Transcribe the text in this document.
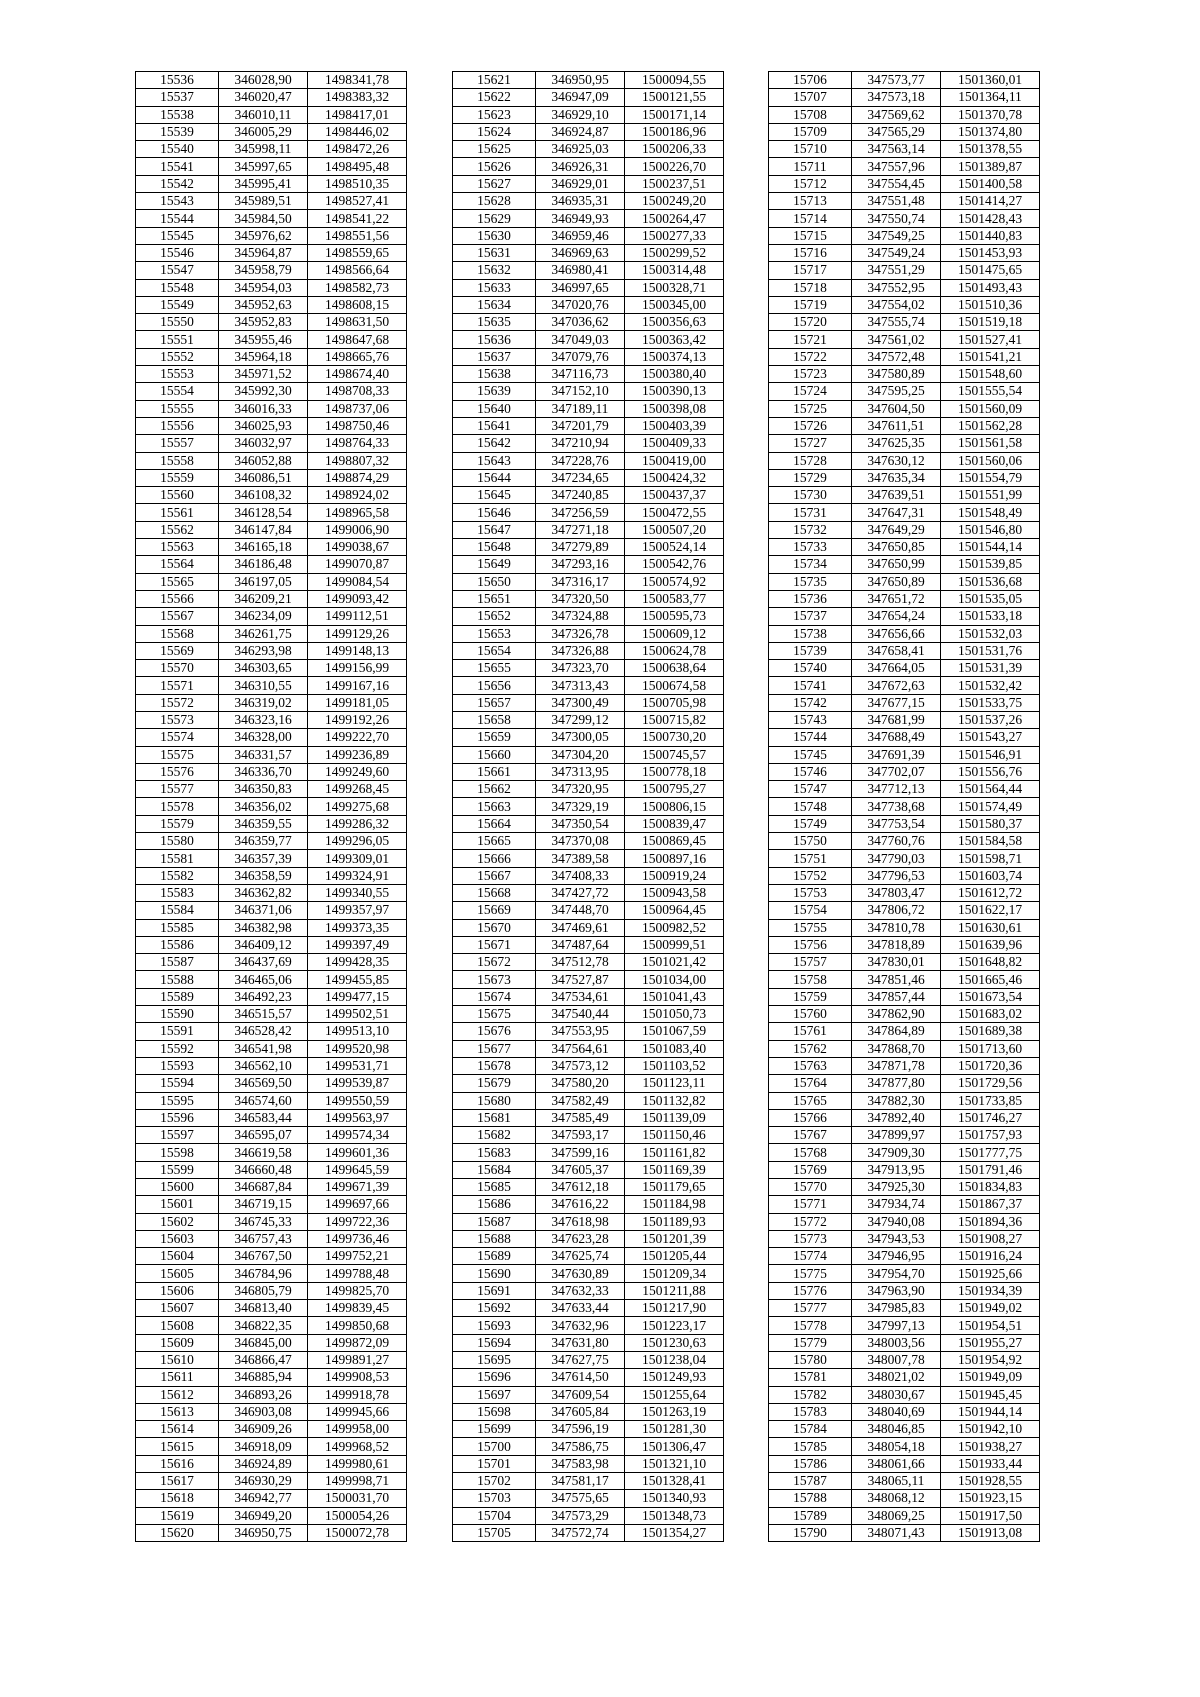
15536	346028,90	1498341,78
15537	346020,47	1498383,32
15538	346010,11	1498417,01
15539	346005,29	1498446,02
15540	345998,11	1498472,26
15541	345997,65	1498495,48
15542	345995,41	1498510,35
15543	345989,51	1498527,41
15544	345984,50	1498541,22
15545	345976,62	1498551,56
15546	345964,87	1498559,65
15547	345958,79	1498566,64
15548	345954,03	1498582,73
15549	345952,63	1498608,15
15550	345952,83	1498631,50
15551	345955,46	1498647,68
15552	345964,18	1498665,76
15553	345971,52	1498674,40
15554	345992,30	1498708,33
15555	346016,33	1498737,06
15556	346025,93	1498750,46
15557	346032,97	1498764,33
15558	346052,88	1498807,32
15559	346086,51	1498874,29
15560	346108,32	1498924,02
15561	346128,54	1498965,58
15562	346147,84	1499006,90
15563	346165,18	1499038,67
15564	346186,48	1499070,87
15565	346197,05	1499084,54
15566	346209,21	1499093,42
15567	346234,09	1499112,51
15568	346261,75	1499129,26
15569	346293,98	1499148,13
15570	346303,65	1499156,99
15571	346310,55	1499167,16
15572	346319,02	1499181,05
15573	346323,16	1499192,26
15574	346328,00	1499222,70
15575	346331,57	1499236,89
15576	346336,70	1499249,60
15577	346350,83	1499268,45
15578	346356,02	1499275,68
15579	346359,55	1499286,32
15580	346359,77	1499296,05
15581	346357,39	1499309,01
15582	346358,59	1499324,91
15583	346362,82	1499340,55
15584	346371,06	1499357,97
15585	346382,98	1499373,35
15586	346409,12	1499397,49
15587	346437,69	1499428,35
15588	346465,06	1499455,85
15589	346492,23	1499477,15
15590	346515,57	1499502,51
15591	346528,42	1499513,10
15592	346541,98	1499520,98
15593	346562,10	1499531,71
15594	346569,50	1499539,87
15595	346574,60	1499550,59
15596	346583,44	1499563,97
15597	346595,07	1499574,34
15598	346619,58	1499601,36
15599	346660,48	1499645,59
15600	346687,84	1499671,39
15601	346719,15	1499697,66
15602	346745,33	1499722,36
15603	346757,43	1499736,46
15604	346767,50	1499752,21
15605	346784,96	1499788,48
15606	346805,79	1499825,70
15607	346813,40	1499839,45
15608	346822,35	1499850,68
15609	346845,00	1499872,09
15610	346866,47	1499891,27
15611	346885,94	1499908,53
15612	346893,26	1499918,78
15613	346903,08	1499945,66
15614	346909,26	1499958,00
15615	346918,09	1499968,52
15616	346924,89	1499980,61
15617	346930,29	1499998,71
15618	346942,77	1500031,70
15619	346949,20	1500054,26
15620	346950,75	1500072,78
15621	346950,95	1500094,55
15622	346947,09	1500121,55
15623	346929,10	1500171,14
15624	346924,87	1500186,96
15625	346925,03	1500206,33
15626	346926,31	1500226,70
15627	346929,01	1500237,51
15628	346935,31	1500249,20
15629	346949,93	1500264,47
15630	346959,46	1500277,33
15631	346969,63	1500299,52
15632	346980,41	1500314,48
15633	346997,65	1500328,71
15634	347020,76	1500345,00
15635	347036,62	1500356,63
15636	347049,03	1500363,42
15637	347079,76	1500374,13
15638	347116,73	1500380,40
15639	347152,10	1500390,13
15640	347189,11	1500398,08
15641	347201,79	1500403,39
15642	347210,94	1500409,33
15643	347228,76	1500419,00
15644	347234,65	1500424,32
15645	347240,85	1500437,37
15646	347256,59	1500472,55
15647	347271,18	1500507,20
15648	347279,89	1500524,14
15649	347293,16	1500542,76
15650	347316,17	1500574,92
15651	347320,50	1500583,77
15652	347324,88	1500595,73
15653	347326,78	1500609,12
15654	347326,88	1500624,78
15655	347323,70	1500638,64
15656	347313,43	1500674,58
15657	347300,49	1500705,98
15658	347299,12	1500715,82
15659	347300,05	1500730,20
15660	347304,20	1500745,57
15661	347313,95	1500778,18
15662	347320,95	1500795,27
15663	347329,19	1500806,15
15664	347350,54	1500839,47
15665	347370,08	1500869,45
15666	347389,58	1500897,16
15667	347408,33	1500919,24
15668	347427,72	1500943,58
15669	347448,70	1500964,45
15670	347469,61	1500982,52
15671	347487,64	1500999,51
15672	347512,78	1501021,42
15673	347527,87	1501034,00
15674	347534,61	1501041,43
15675	347540,44	1501050,73
15676	347553,95	1501067,59
15677	347564,61	1501083,40
15678	347573,12	1501103,52
15679	347580,20	1501123,11
15680	347582,49	1501132,82
15681	347585,49	1501139,09
15682	347593,17	1501150,46
15683	347599,16	1501161,82
15684	347605,37	1501169,39
15685	347612,18	1501179,65
15686	347616,22	1501184,98
15687	347618,98	1501189,93
15688	347623,28	1501201,39
15689	347625,74	1501205,44
15690	347630,89	1501209,34
15691	347632,33	1501211,88
15692	347633,44	1501217,90
15693	347632,96	1501223,17
15694	347631,80	1501230,63
15695	347627,75	1501238,04
15696	347614,50	1501249,93
15697	347609,54	1501255,64
15698	347605,84	1501263,19
15699	347596,19	1501281,30
15700	347586,75	1501306,47
15701	347583,98	1501321,10
15702	347581,17	1501328,41
15703	347575,65	1501340,93
15704	347573,29	1501348,73
15705	347572,74	1501354,27
15706	347573,77	1501360,01
15707	347573,18	1501364,11
15708	347569,62	1501370,78
15709	347565,29	1501374,80
15710	347563,14	1501378,55
15711	347557,96	1501389,87
15712	347554,45	1501400,58
15713	347551,48	1501414,27
15714	347550,74	1501428,43
15715	347549,25	1501440,83
15716	347549,24	1501453,93
15717	347551,29	1501475,65
15718	347552,95	1501493,43
15719	347554,02	1501510,36
15720	347555,74	1501519,18
15721	347561,02	1501527,41
15722	347572,48	1501541,21
15723	347580,89	1501548,60
15724	347595,25	1501555,54
15725	347604,50	1501560,09
15726	347611,51	1501562,28
15727	347625,35	1501561,58
15728	347630,12	1501560,06
15729	347635,34	1501554,79
15730	347639,51	1501551,99
15731	347647,31	1501548,49
15732	347649,29	1501546,80
15733	347650,85	1501544,14
15734	347650,99	1501539,85
15735	347650,89	1501536,68
15736	347651,72	1501535,05
15737	347654,24	1501533,18
15738	347656,66	1501532,03
15739	347658,41	1501531,76
15740	347664,05	1501531,39
15741	347672,63	1501532,42
15742	347677,15	1501533,75
15743	347681,99	1501537,26
15744	347688,49	1501543,27
15745	347691,39	1501546,91
15746	347702,07	1501556,76
15747	347712,13	1501564,44
15748	347738,68	1501574,49
15749	347753,54	1501580,37
15750	347760,76	1501584,58
15751	347790,03	1501598,71
15752	347796,53	1501603,74
15753	347803,47	1501612,72
15754	347806,72	1501622,17
15755	347810,78	1501630,61
15756	347818,89	1501639,96
15757	347830,01	1501648,82
15758	347851,46	1501665,46
15759	347857,44	1501673,54
15760	347862,90	1501683,02
15761	347864,89	1501689,38
15762	347868,70	1501713,60
15763	347871,78	1501720,36
15764	347877,80	1501729,56
15765	347882,30	1501733,85
15766	347892,40	1501746,27
15767	347899,97	1501757,93
15768	347909,30	1501777,75
15769	347913,95	1501791,46
15770	347925,30	1501834,83
15771	347934,74	1501867,37
15772	347940,08	1501894,36
15773	347943,53	1501908,27
15774	347946,95	1501916,24
15775	347954,70	1501925,66
15776	347963,90	1501934,39
15777	347985,83	1501949,02
15778	347997,13	1501954,51
15779	348003,56	1501955,27
15780	348007,78	1501954,92
15781	348021,02	1501949,09
15782	348030,67	1501945,45
15783	348040,69	1501944,14
15784	348046,85	1501942,10
15785	348054,18	1501938,27
15786	348061,66	1501933,44
15787	348065,11	1501928,55
15788	348068,12	1501923,15
15789	348069,25	1501917,50
15790	348071,43	1501913,08
